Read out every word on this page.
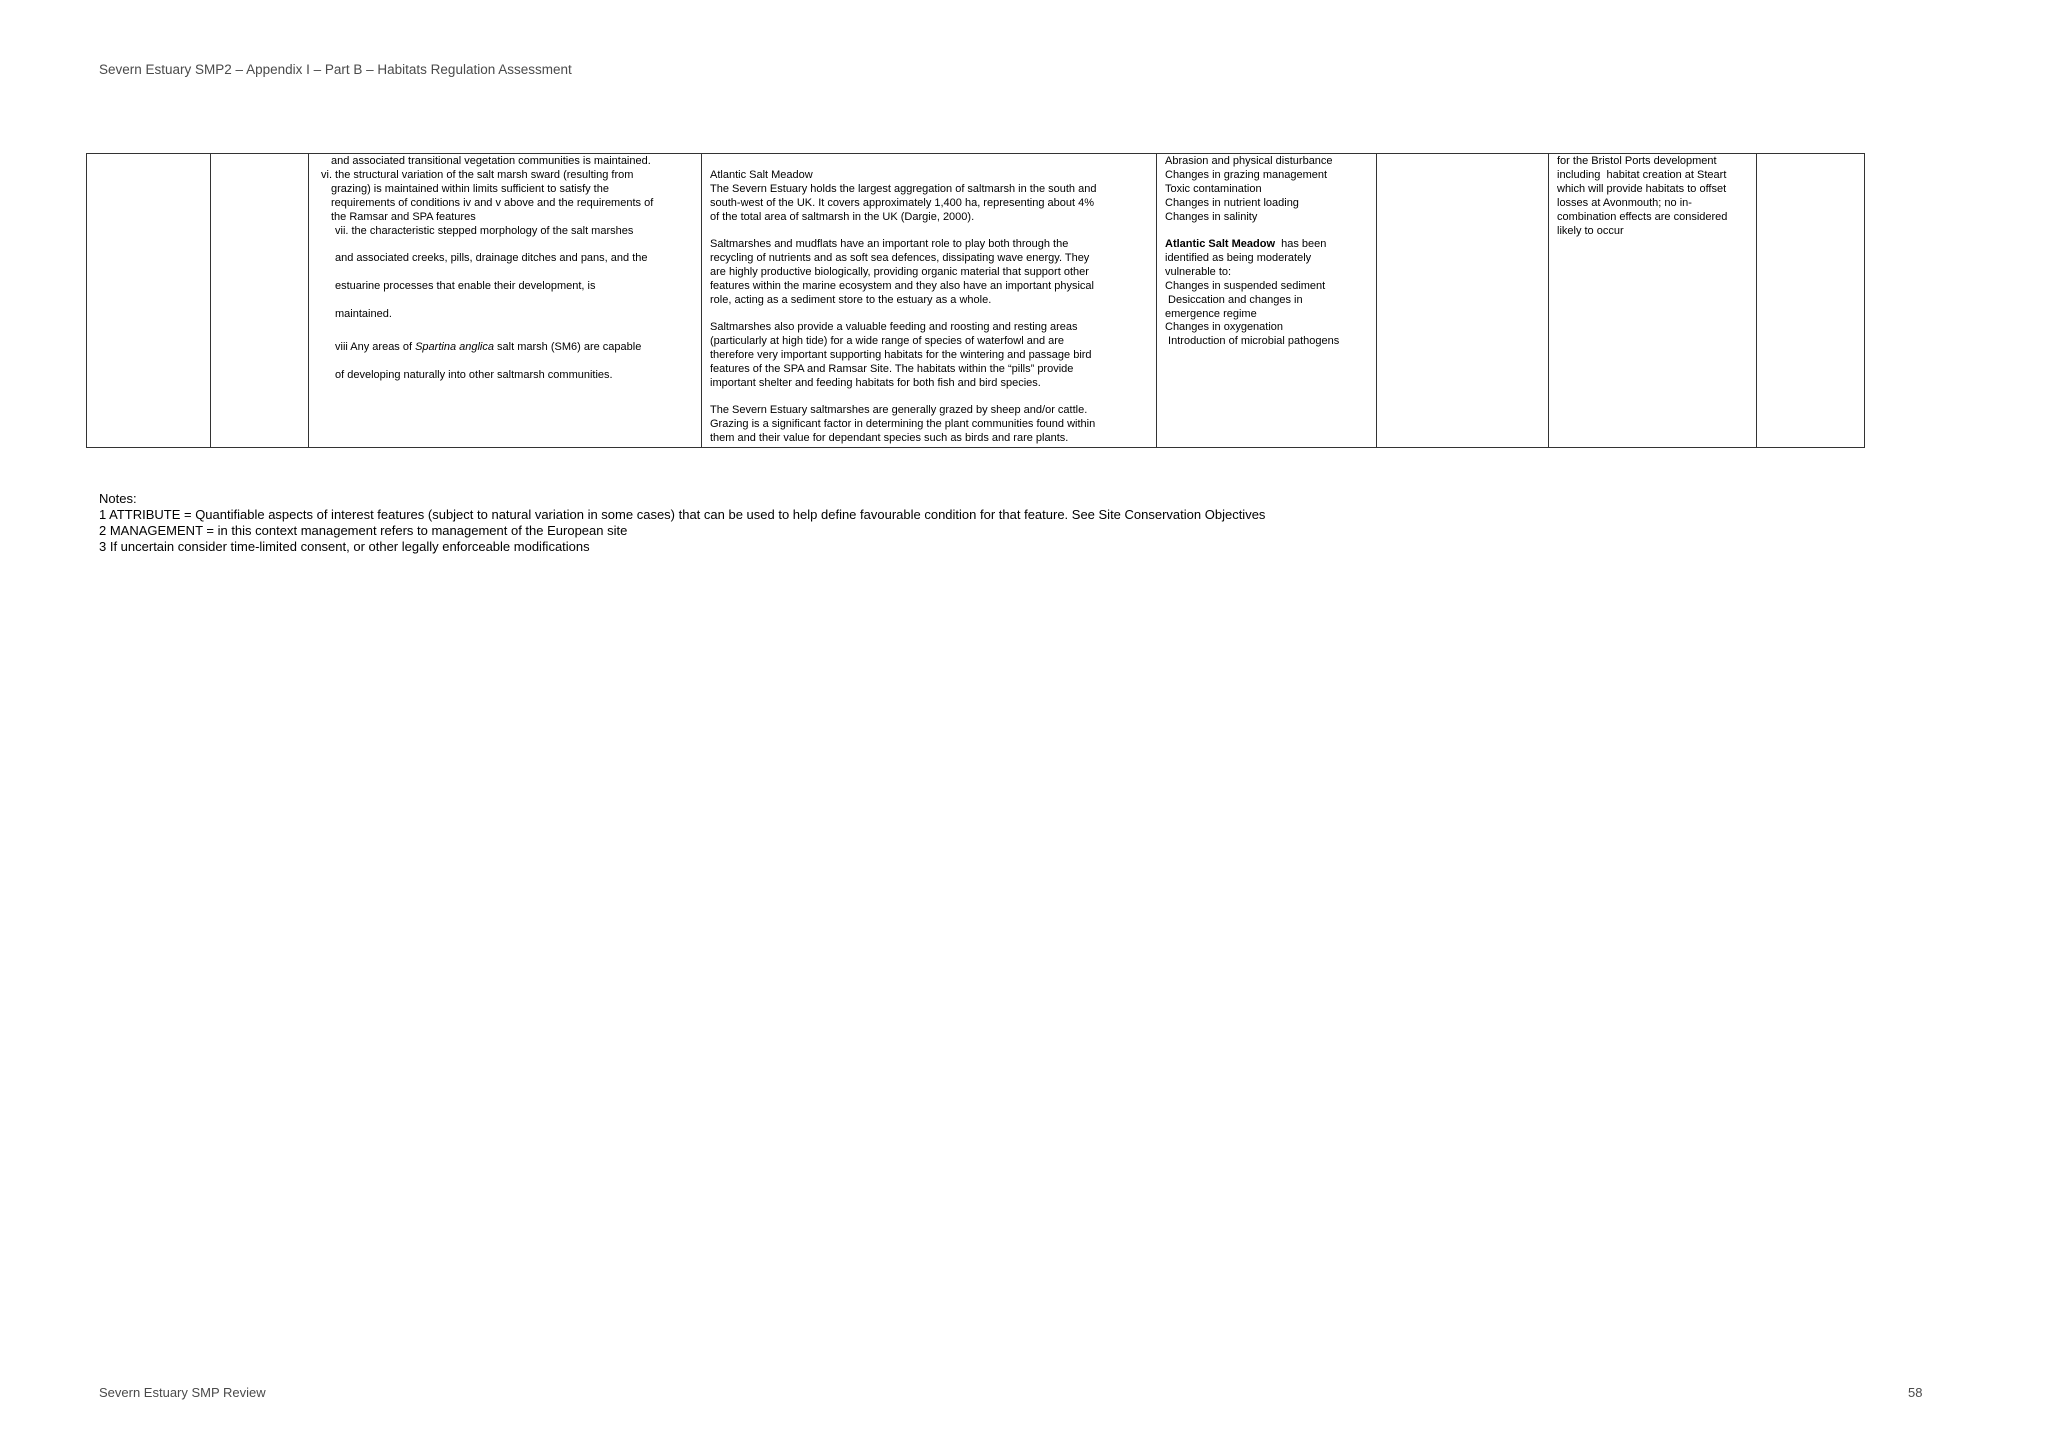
Severn Estuary SMP2 – Appendix I – Part B – Habitats Regulation Assessment

and associated transitional vegetation communities is maintained.
vi. the structural variation of the salt marsh sward (resulting from
grazing) is maintained within limits sufficient to satisfy the
requirements of conditions iv and v above and the requirements of
the Ramsar and SPA features
vii. the characteristic stepped morphology of the salt marshes
and associated creeks, pills, drainage ditches and pans, and the
estuarine processes that enable their development, is
maintained.
viii Any areas of Spartina anglica salt marsh (SM6) are capable
of developing naturally into other saltmarsh communities.

Atlantic Salt Meadow
The Severn Estuary holds the largest aggregation of saltmarsh in the south and
south-west of the UK. It covers approximately 1,400 ha, representing about 4%
of the total area of saltmarsh in the UK (Dargie, 2000).
Saltmarshes and mudflats have an important role to play both through the
recycling of nutrients and as soft sea defences, dissipating wave energy. They
are highly productive biologically, providing organic material that support other
features within the marine ecosystem and they also have an important physical
role, acting as a sediment store to the estuary as a whole.
Saltmarshes also provide a valuable feeding and roosting and resting areas
(particularly at high tide) for a wide range of species of waterfowl and are
therefore very important supporting habitats for the wintering and passage bird
features of the SPA and Ramsar Site. The habitats within the “pills” provide
important shelter and feeding habitats for both fish and bird species.
The Severn Estuary saltmarshes are generally grazed by sheep and/or cattle.
Grazing is a significant factor in determining the plant communities found within
them and their value for dependant species such as birds and rare plants.

Abrasion and physical disturbance
Changes in grazing management
Toxic contamination
Changes in nutrient loading
Changes in salinity
Atlantic Salt Meadow  has been
identified as being moderately
vulnerable to:
Changes in suspended sediment
Desiccation and changes in
emergence regime
Changes in oxygenation
Introduction of microbial pathogens

for the Bristol Ports development
including  habitat creation at Steart
which will provide habitats to offset
losses at Avonmouth; no in-
combination effects are considered
likely to occur

Notes:
1 ATTRIBUTE = Quantifiable aspects of interest features (subject to natural variation in some cases) that can be used to help define favourable condition for that feature. See Site Conservation Objectives
2 MANAGEMENT = in this context management refers to management of the European site
3 If uncertain consider time-limited consent, or other legally enforceable modifications
Severn Estuary SMP Review	58
